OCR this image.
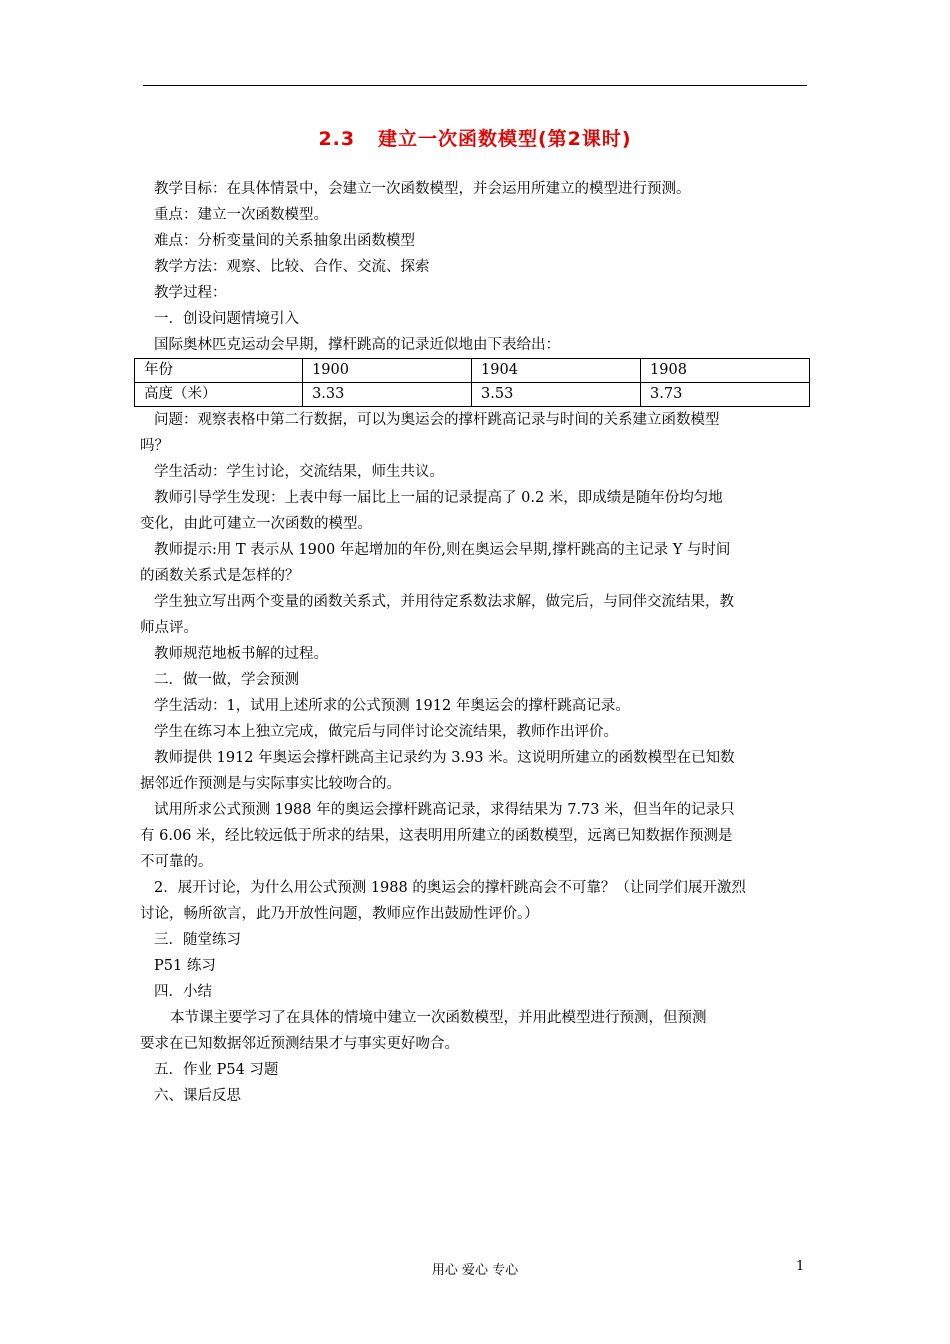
2.3   建立一次函数模型(第2课时)
教学目标：在具体情景中，会建立一次函数模型，并会运用所建立的模型进行预测。
重点：建立一次函数模型。
难点：分析变量间的关系抽象出函数模型
教学方法：观察、比较、合作、交流、探索
教学过程：
一．创设问题情境引入
国际奥林匹克运动会早期，撑杆跳高的记录近似地由下表给出：
年份	1900	1904	1908
高度（米）	3.33	3.53	3.73
问题：观察表格中第二行数据，可以为奥运会的撑杆跳高记录与时间的关系建立函数模型
吗？
学生活动：学生讨论，交流结果，师生共议。
教师引导学生发现：上表中每一届比上一届的记录提高了 0.2 米，即成绩是随年份均匀地
变化，由此可建立一次函数的模型。
教师提示:用 T 表示从 1900 年起增加的年份,则在奥运会早期,撑杆跳高的主记录 Y 与时间
的函数关系式是怎样的？
学生独立写出两个变量的函数关系式，并用待定系数法求解，做完后，与同伴交流结果，教
师点评。
教师规范地板书解的过程。
二．做一做，学会预测
学生活动：1，试用上述所求的公式预测 1912 年奥运会的撑杆跳高记录。
学生在练习本上独立完成，做完后与同伴讨论交流结果，教师作出评价。
教师提供 1912 年奥运会撑杆跳高主记录约为 3.93 米。这说明所建立的函数模型在已知数
据邻近作预测是与实际事实比较吻合的。
试用所求公式预测 1988 年的奥运会撑杆跳高记录，求得结果为 7.73 米，但当年的记录只
有 6.06 米，经比较远低于所求的结果，这表明用所建立的函数模型，远离已知数据作预测是
不可靠的。
2．展开讨论，为什么用公式预测 1988 的奥运会的撑杆跳高会不可靠？（让同学们展开激烈
讨论，畅所欲言，此乃开放性问题，教师应作出鼓励性评价。）
三．随堂练习
P51 练习
四．小结
本节课主要学习了在具体的情境中建立一次函数模型，并用此模型进行预测，但预测
要求在已知数据邻近预测结果才与事实更好吻合。
五．作业 P54 习题
六、课后反思
用心 爱心 专心	1
